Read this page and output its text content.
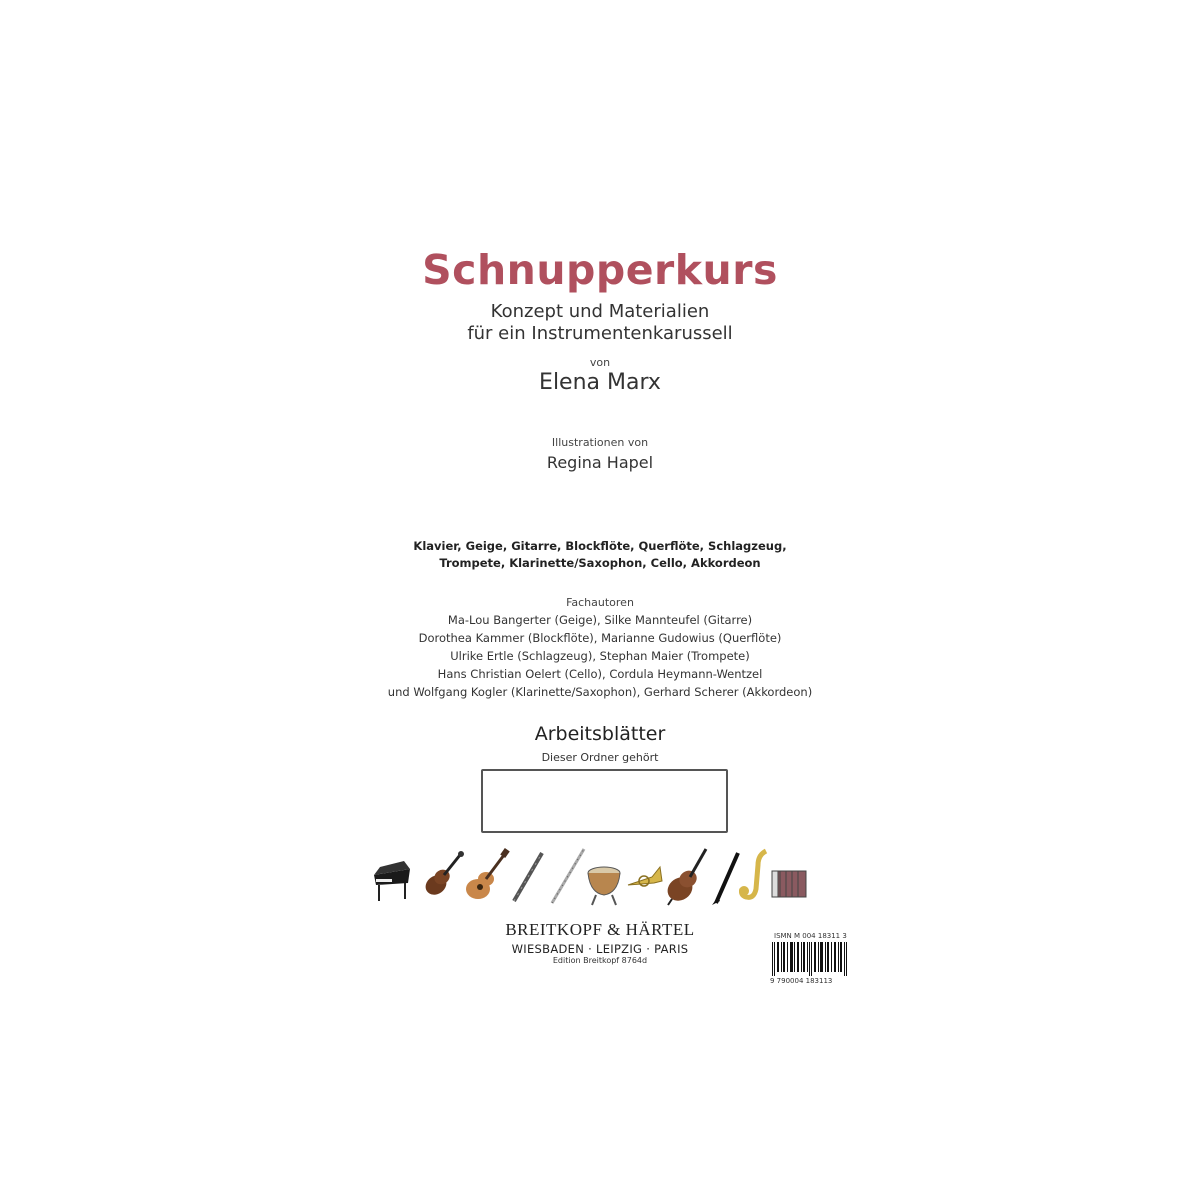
Schnupperkurs
Konzept und Materialien
für ein Instrumentenkarussell
von
Elena Marx
Illustrationen von
Regina Hapel
Klavier, Geige, Gitarre, Blockflöte, Querflöte, Schlagzeug,
Trompete, Klarinette/Saxophon, Cello, Akkordeon
Fachautoren
Ma-Lou Bangerter (Geige), Silke Mannteufel (Gitarre)
Dorothea Kammer (Blockflöte), Marianne Gudowius (Querflöte)
Ulrike Ertle (Schlagzeug), Stephan Maier (Trompete)
Hans Christian Oelert (Cello), Cordula Heymann-Wentzel
und Wolfgang Kogler (Klarinette/Saxophon), Gerhard Scherer (Akkordeon)
Arbeitsblätter
Dieser Ordner gehört
BREITKOPF & HÄRTEL
WIESBADEN · LEIPZIG · PARIS
Edition Breitkopf 8764d
ISMN M 004 18311 3
9 790004 183113
